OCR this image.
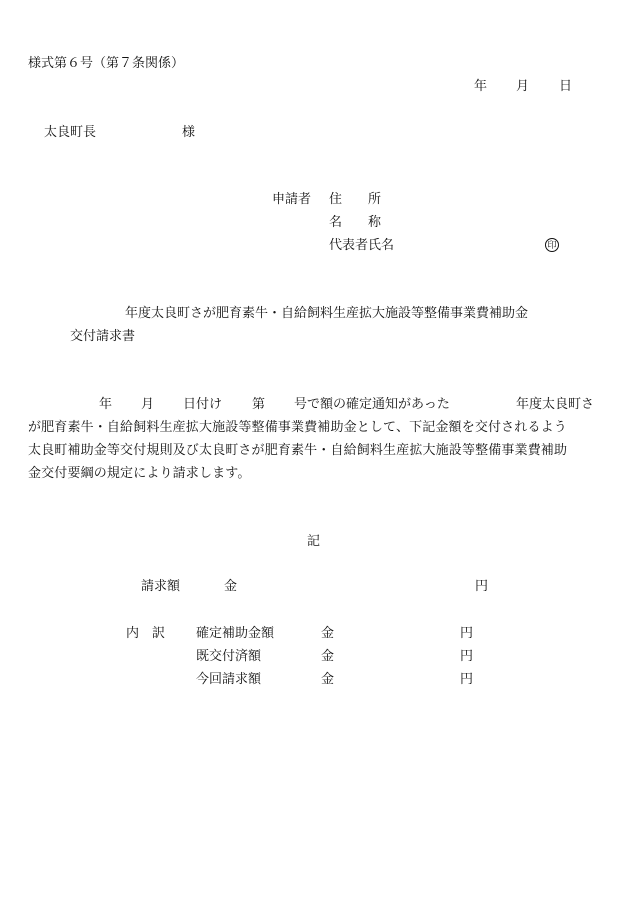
様式第６号（第７条関係）
年 月 日
太良町長	様
申請者 住　　所
名　　称
代表者氏名	印
年度太良町さが肥育素牛・自給飼料生産拡大施設等整備事業費補助金
交付請求書
年 月 日付け 第 号で額の確定通知があった	年度太良町さ
が肥育素牛・自給飼料生産拡大施設等整備事業費補助金として、下記金額を交付されるよう
太良町補助金等交付規則及び太良町さが肥育素牛・自給飼料生産拡大施設等整備事業費補助
金交付要綱の規定により請求します。
記
請求額	金	円
内　訳 確定補助金額	金	円
既交付済額	金	円
今回請求額	金	円
